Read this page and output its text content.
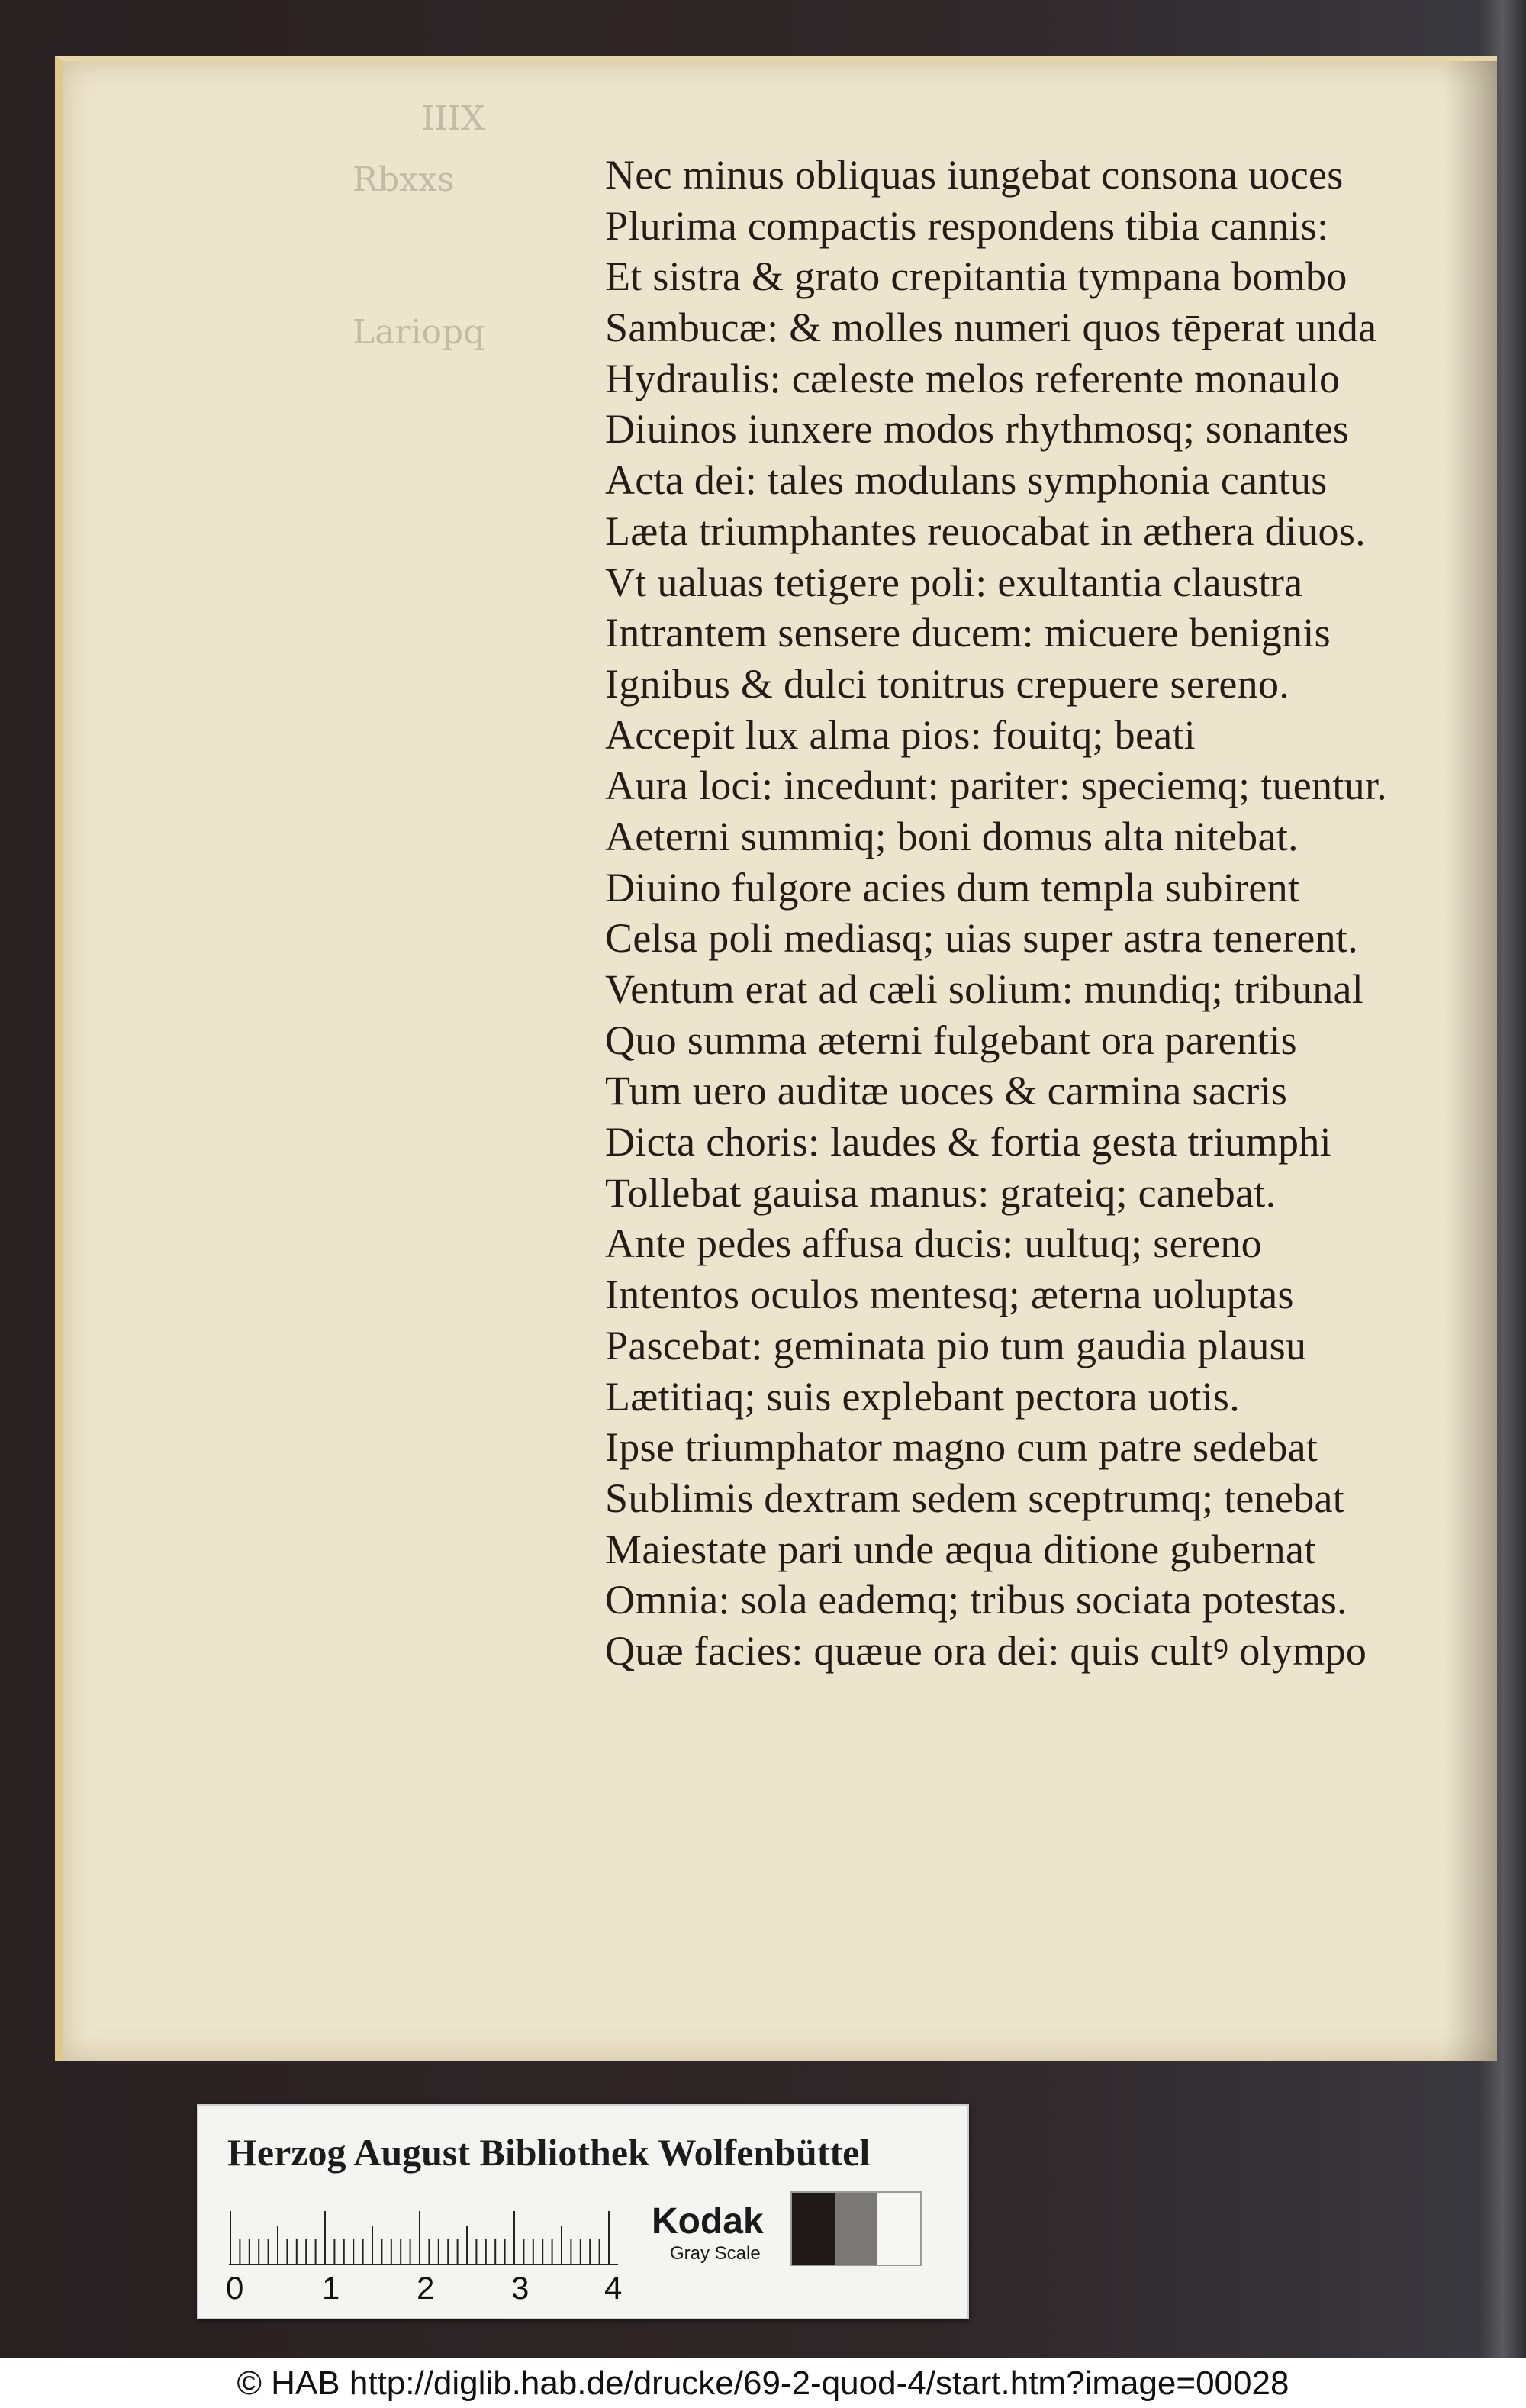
IIIX
Rbxxs
Lariopq
Nec minus obliquas iungebat consona uoces
Plurima compactis respondens tibia cannis:
Et sistra & grato crepitantia tympana bombo
Sambucæ: & molles numeri quos tēperat unda
Hydraulis: cæleste melos referente monaulo
Diuinos iunxere modos rhythmosq; sonantes
Acta dei: tales modulans symphonia cantus
Læta triumphantes reuocabat in æthera diuos.
Vt ualuas tetigere poli: exultantia claustra
Intrantem sensere ducem: micuere benignis
Ignibus & dulci tonitrus crepuere sereno.
Accepit lux alma pios: fouitq; beati
Aura loci: incedunt: pariter: speciemq; tuentur.
Aeterni summiq; boni domus alta nitebat.
Diuino fulgore acies dum templa subirent
Celsa poli mediasq; uias super astra tenerent.
Ventum erat ad cæli solium: mundiq; tribunal
Quo summa æterni fulgebant ora parentis
Tum uero auditæ uoces & carmina sacris
Dicta choris: laudes & fortia gesta triumphi
Tollebat gauisa manus: grateiq; canebat.
Ante pedes affusa ducis: uultuq; sereno
Intentos oculos mentesq; æterna uoluptas
Pascebat: geminata pio tum gaudia plausu
Lætitiaq; suis explebant pectora uotis.
Ipse triumphator magno cum patre sedebat
Sublimis dextram sedem sceptrumq; tenebat
Maiestate pari unde æqua ditione gubernat
Omnia: sola eademq; tribus sociata potestas.
Quæ facies: quæue ora dei: quis cultꝰ olympo
Herzog August Bibliothek Wolfenbüttel
0 1 2 3 4
Kodak
Gray Scale
© HAB http://diglib.hab.de/drucke/69-2-quod-4/start.htm?image=00028
